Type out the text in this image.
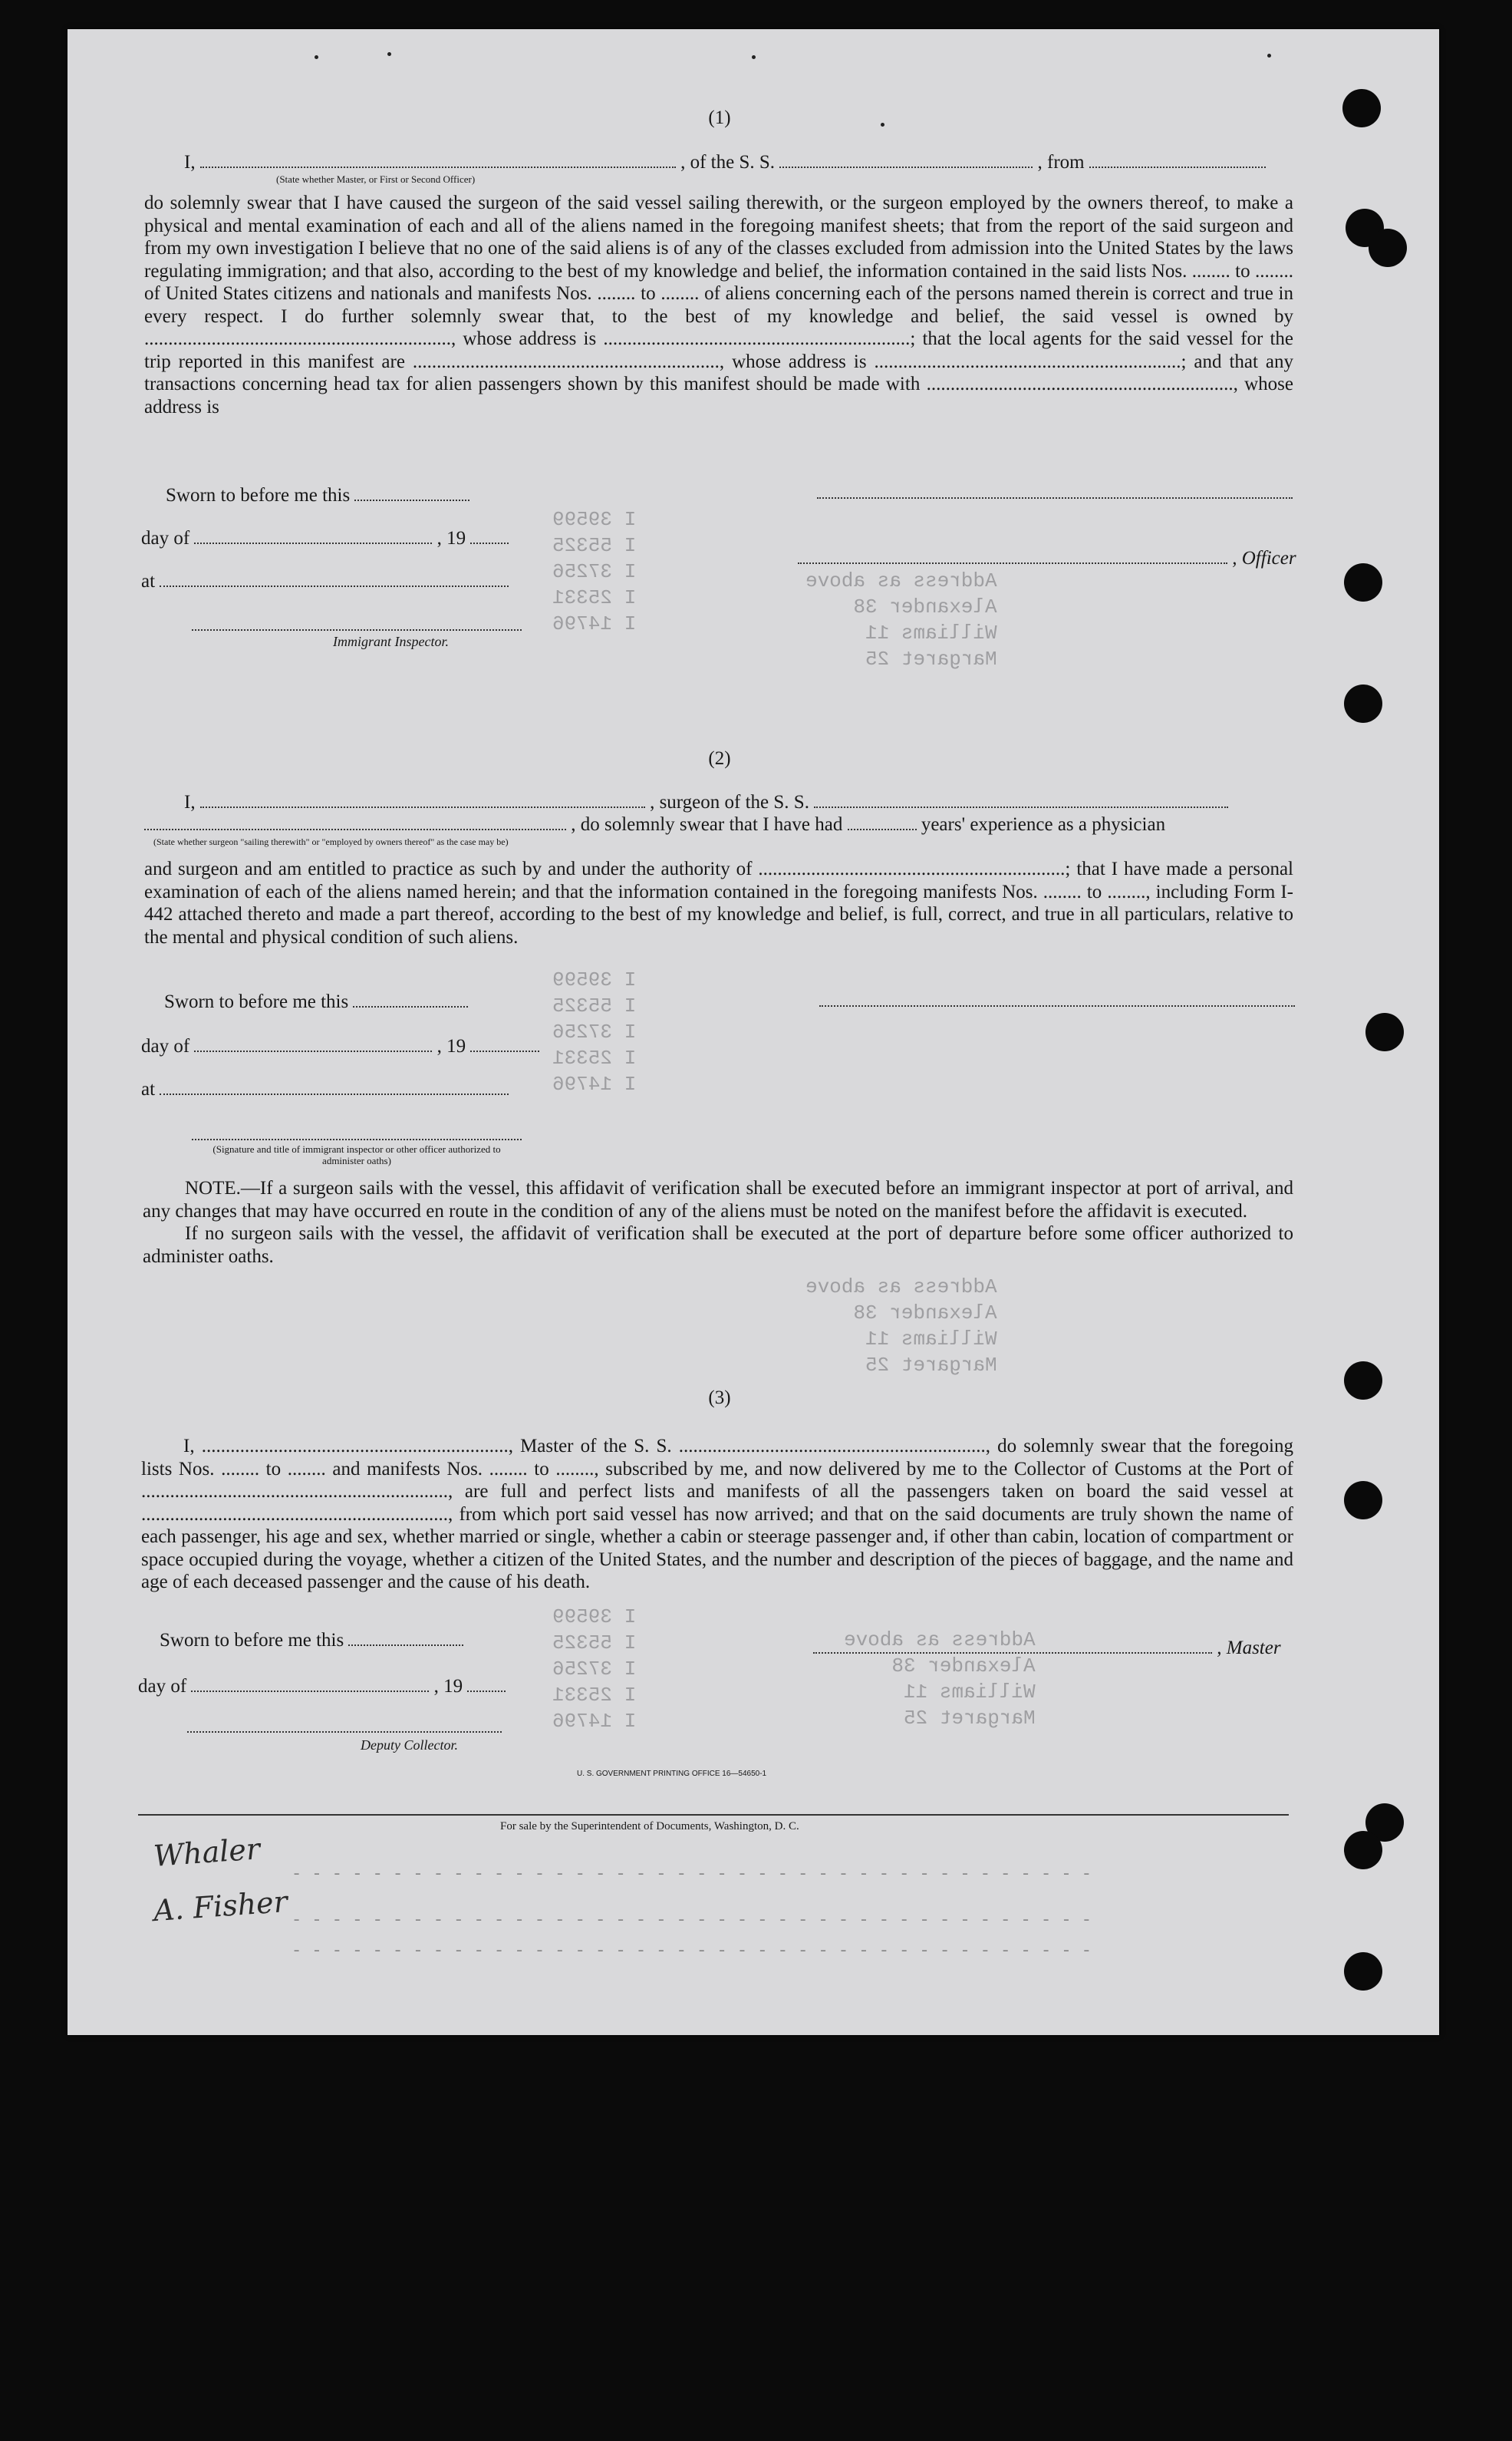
I 39599
I 55325
I 37256
I 25331
I 14796
I 39599
I 55325
I 37256
I 25331
I 14796
I 39599
I 55325
I 37256
I 25331
I 14796
Address as above
Alexander 38
Williams 11
Margaret 25
Address as above
Alexander 38
Williams 11
Margaret 25
Address as above
Alexander 38
Williams 11
Margaret 25

(1)

I,	, of the S. S.	, from
(State whether Master, or First or Second Officer)

do solemnly swear that I have caused the surgeon of the said vessel sailing therewith, or the surgeon employed by the owners thereof, to make a physical and mental examination of each and all of the aliens named in the foregoing manifest sheets; that from the report of the said surgeon and from my own investigation I believe that no one of the said aliens is of any of the classes excluded from admission into the United States by the laws regulating immigration; and that also, according to the best of my knowledge and belief, the information contained in the said lists Nos. ........ to ........ of United States citizens and nationals and manifests Nos. ........ to ........ of aliens concerning each of the persons named therein is correct and true in every respect. I do further solemnly swear that, to the best of my knowledge and belief, the said vessel is owned by ................................................................, whose address is ................................................................; that the local agents for the said vessel for the trip reported in this manifest are ................................................................, whose address is ................................................................; and that any transactions concerning head tax for alien passengers shown by this manifest should be made with ................................................................, whose address is

Sworn to before me this
day of	, 19
, Officer
at
Immigrant Inspector.

(2)

I,	, surgeon of the S. S.
, do solemnly swear that I have had	years' experience as a physician
(State whether surgeon "sailing therewith" or "employed by owners thereof" as the case may be)

and surgeon and am entitled to practice as such by and under the authority of ................................................................; that I have made a personal examination of each of the aliens named herein; and that the information contained in the foregoing manifests Nos. ........ to ........, including Form I-442 attached thereto and made a part thereof, according to the best of my knowledge and belief, is full, correct, and true in all particulars, relative to the mental and physical condition of such aliens.

Sworn to before me this
day of	, 19
at
(Signature and title of immigrant inspector or other officer authorized to administer oaths)

NOTE.—If a surgeon sails with the vessel, this affidavit of verification shall be executed before an immigrant inspector at port of arrival, and any changes that may have occurred en route in the condition of any of the aliens must be noted on the manifest before the affidavit is executed.

If no surgeon sails with the vessel, the affidavit of verification shall be executed at the port of departure before some officer authorized to administer oaths.

(3)

I, ................................................................, Master of the S. S. ................................................................, do solemnly swear that the foregoing lists Nos. ........ to ........ and manifests Nos. ........ to ........, subscribed by me, and now delivered by me to the Collector of Customs at the Port of ................................................................, are full and perfect lists and manifests of all the passengers taken on board the said vessel at ................................................................, from which port said vessel has now arrived; and that on the said documents are truly shown the name of each passenger, his age and sex, whether married or single, whether a cabin or steerage passenger and, if other than cabin, location of compartment or space occupied during the voyage, whether a citizen of the United States, and the number and description of the pieces of baggage, and the name and age of each deceased passenger and the cause of his death.

Sworn to before me this	, Master
day of	, 19
Deputy Collector.
U. S. GOVERNMENT PRINTING OFFICE 16—54650-1
For sale by the Superintendent of Documents, Washington, D. C.
Whaler
A. Fisher
- - - - - - - - - - - - - - - - - - - - - - - - - - - - - - - - - - - - - - - -
- - - - - - - - - - - - - - - - - - - - - - - - - - - - - - - - - - - - - - - -
- - - - - - - - - - - - - - - - - - - - - - - - - - - - - - - - - - - - - - - -
